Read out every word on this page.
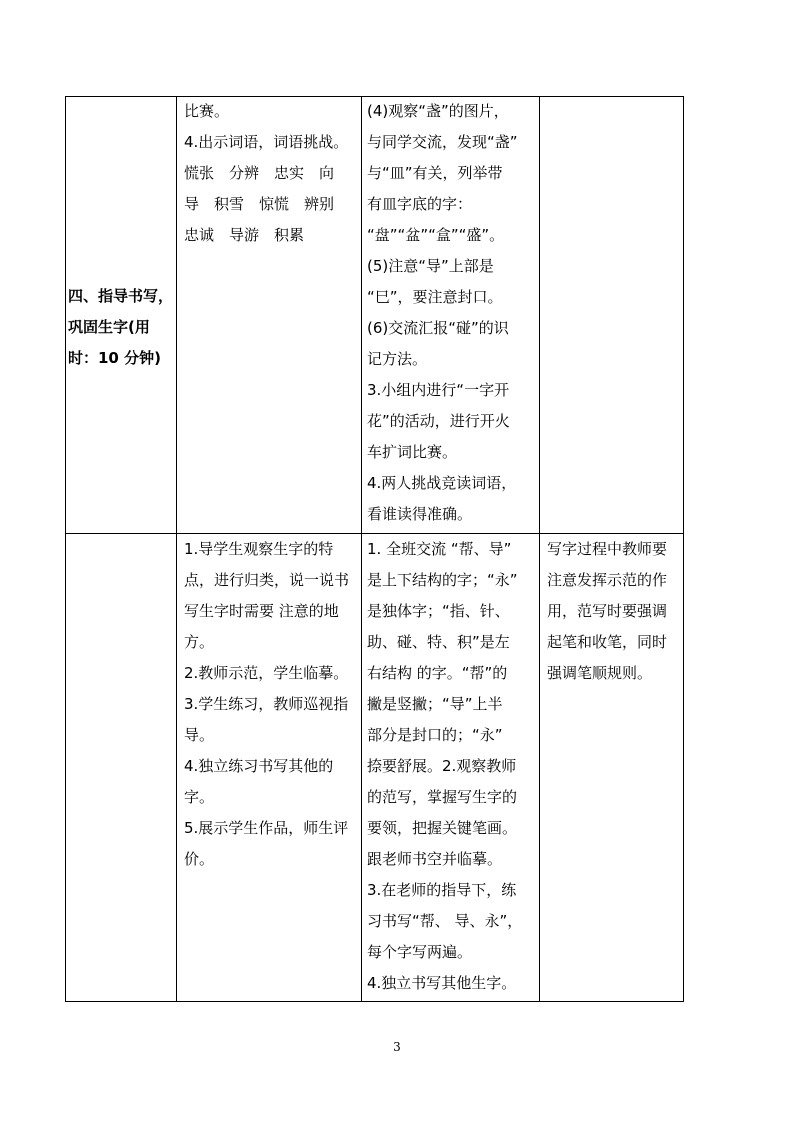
比赛。
4.出示词语，词语挑战。
慌张　分辨　忠实　向
导　积雪　惊慌　辨别
忠诚　导游　积累
(4)观察“盏”的图片，
与同学交流，发现“盏”
与“皿”有关，列举带
有皿字底的字：
“盘”“盆”“盒”“盛”。
(5)注意“导”上部是
“巳”，要注意封口。
(6)交流汇报“碰”的识
记方法。
3.小组内进行“一字开
花”的活动，进行开火
车扩词比赛。
4.两人挑战竞读词语，
看谁读得准确。
四、指导书写，
巩固生字(用
时：10 分钟)
1.导学生观察生字的特
点，进行归类，说一说书
写生字时需要 注意的地
方。
2.教师示范，学生临摹。
3.学生练习，教师巡视指
导。
4.独立练习书写其他的
字。
5.展示学生作品，师生评
价。
1. 全班交流 “帮、导”
是上下结构的字；“永”
是独体字；“指、针、
助、碰、特、积”是左
右结构 的字。“帮”的
撇是竖撇；“导”上半
部分是封口的；“永”
捺要舒展。2.观察教师
的范写，掌握写生字的
要领，把握关键笔画。
跟老师书空并临摹。
3.在老师的指导下，练
习书写“帮、 导、永”，
每个字写两遍。
4.独立书写其他生字。
写字过程中教师要
注意发挥示范的作
用，范写时要强调
起笔和收笔，同时
强调笔顺规则。
3
